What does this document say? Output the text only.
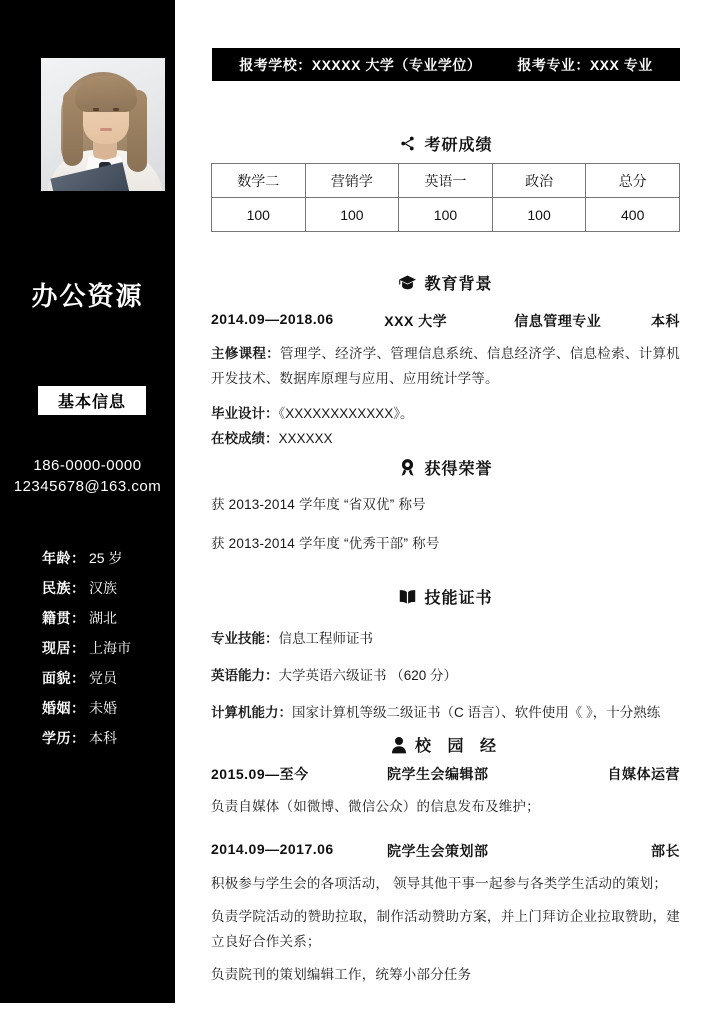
办公资源
基本信息
186-0000-0000
12345678@163.com
年龄 ： 25 岁
民族 ： 汉族
籍贯 ： 湖北
现居 ： 上海市
面貌 ： 党员
婚姻 ： 未婚
学历 ： 本科
报考学校：XXXXX 大学（专业学位）	报考专业：XXX 专业
考研成绩
数学二	营销学	英语一	政治	总分
100	100	100	100	400
教育背景
2014.09—2018.06	XXX 大学	信息管理专业	本科
主修课程：管理学、经济学、管理信息系统、信息经济学、信息检索、计算机开发技术、数据库原理与应用、应用统计学等。
毕业设计：《XXXXXXXXXXXX》。
在校成绩：XXXXXX
获得荣誉
获 2013-2014 学年度 “省双优” 称号
获 2013-2014 学年度 “优秀干部” 称号
技能证书
专业技能：信息工程师证书
英语能力：大学英语六级证书 （620 分）
计算机能力：国家计算机等级二级证书（C 语言）、软件使用《 》，十分熟练
校 园 经
2015.09—至今	院学生会编辑部	自媒体运营
负责自媒体（如微博、微信公众）的信息发布及维护；
2014.09—2017.06	院学生会策划部	部长
积极参与学生会的各项活动， 领导其他干事一起参与各类学生活动的策划；
负责学院活动的赞助拉取，制作活动赞助方案，并上门拜访企业拉取赞助，建立良好合作关系；
负责院刊的策划编辑工作，统筹小部分任务
